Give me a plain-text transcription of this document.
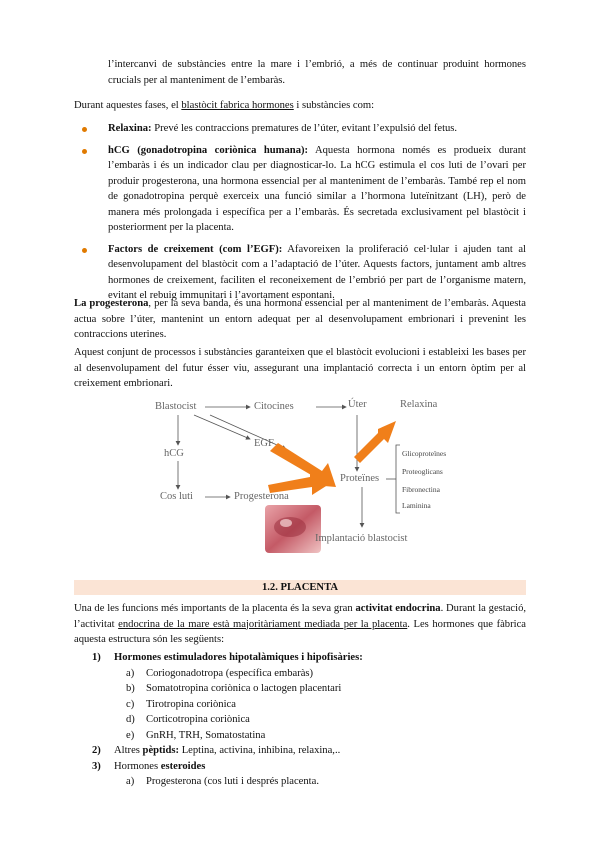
l’intercanvi de substàncies entre la mare i l’embrió, a més de continuar produint hormones crucials per al manteniment de l’embaràs.

Durant aquestes fases, el blastòcit fabrica hormones i substàncies com:

Relaxina: Prevé les contraccions prematures de l’úter, evitant l’expulsió del fetus.
hCG (gonadotropina coriònica humana): Aquesta hormona només es produeix durant l’embaràs i és un indicador clau per diagnosticar-lo. La hCG estimula el cos luti de l’ovari per produir progesterona, una hormona essencial per al manteniment de l’embaràs. També rep el nom de gonadotropina perquè exerceix una funció similar a l’hormona luteïnitzant (LH), però de manera més prolongada i específica per a l’embaràs. És secretada exclusivament pel blastòcit i posteriorment per la placenta.
Factors de creixement (com l’EGF): Afavoreixen la proliferació cel·lular i ajuden tant al desenvolupament del blastòcit com a l’adaptació de l’úter. Aquests factors, juntament amb altres hormones de creixement, faciliten el reconeixement de l’embrió per part de l’organisme matern, evitant el rebuig immunitari i l’avortament espontani.

La progesterona, per la seva banda, és una hormona essencial per al manteniment de l’embaràs. Aquesta actua sobre l’úter, mantenint un entorn adequat per al desenvolupament embrionari i prevenint les contraccions uterines.

Aquest conjunt de processos i substàncies garanteixen que el blastòcit evolucioni i estableixi les bases per al desenvolupament del futur ésser viu, assegurant una implantació correcta i un entorn òptim per al creixement embrionari.

Blastocist	Citocines	Úter	Relaxina
EGF
hCG
Proteïnes
Cos luti	Progesterona
Implantació blastocist
Glicoproteïnes
Proteoglicans
Fibronectina
Laminina
1.2. PLACENTA

Una de les funcions més importants de la placenta és la seva gran activitat endocrina. Durant la gestació, l’activitat endocrina de la mare està majoritàriament mediada per la placenta. Les hormones que fàbrica aquesta estructura són les següents:

1) Hormones estimuladores hipotalàmiques i hipofisàries:
a) Coriogonadotropa (específica embaràs)
b) Somatotropina coriònica o lactogen placentari
c) Tirotropina coriònica
d) Corticotropina coriònica
e) GnRH, TRH, Somatostatina
2) Altres pèptids: Leptina, activina, inhibina, relaxina,..
3) Hormones esteroides
a) Progesterona (cos luti i després placenta.
